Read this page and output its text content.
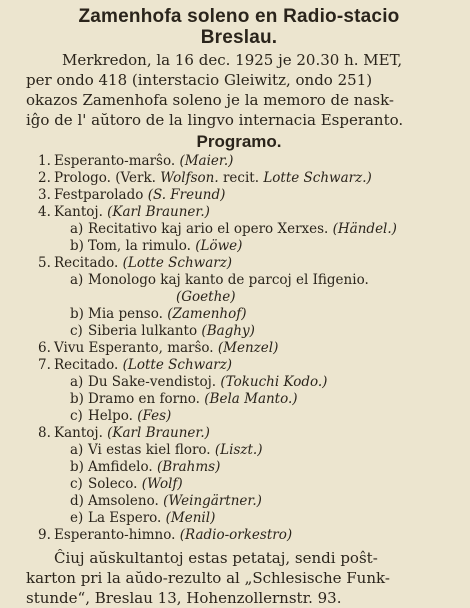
Zamenhofa soleno en Radio-stacio
Breslau.
Merkredon, la 16 dec. 1925 je 20.30 h. MET,
per ondo 418 (interstacio Gleiwitz, ondo 251)
okazos Zamenhofa soleno je la memoro de nask-
iĝo de l' aŭtoro de la lingvo internacia Esperanto.
Programo.
1. Esperanto-marŝo. (Maier.)
2. Prologo. (Verk. Wolfson. recit. Lotte Schwarz.)
3. Festparolado (S. Freund)
4. Kantoj. (Karl Brauner.)
a) Recitativo kaj ario el opero Xerxes. (Händel.)
b) Tom, la rimulo. (Löwe)
5. Recitado. (Lotte Schwarz)
a) Monologo kaj kanto de parcoj el Ifigenio.
(Goethe)
b) Mia penso. (Zamenhof)
c) Siberia lulkanto (Baghy)
6. Vivu Esperanto, marŝo. (Menzel)
7. Recitado. (Lotte Schwarz)
a) Du Sake-vendistoj. (Tokuchi Kodo.)
b) Dramo en forno. (Bela Manto.)
c) Helpo. (Fes)
8. Kantoj. (Karl Brauner.)
a) Vi estas kiel floro. (Liszt.)
b) Amfidelo. (Brahms)
c) Soleco. (Wolf)
d) Amsoleno. (Weingärtner.)
e) La Espero. (Menil)
9. Esperanto-himno. (Radio-orkestro)
Ĉiuj aŭskultantoj estas petataj, sendi poŝt-
karton pri la aŭdo-rezulto al „Schlesische Funk-
stunde“, Breslau 13, Hohenzollernstr. 93.
